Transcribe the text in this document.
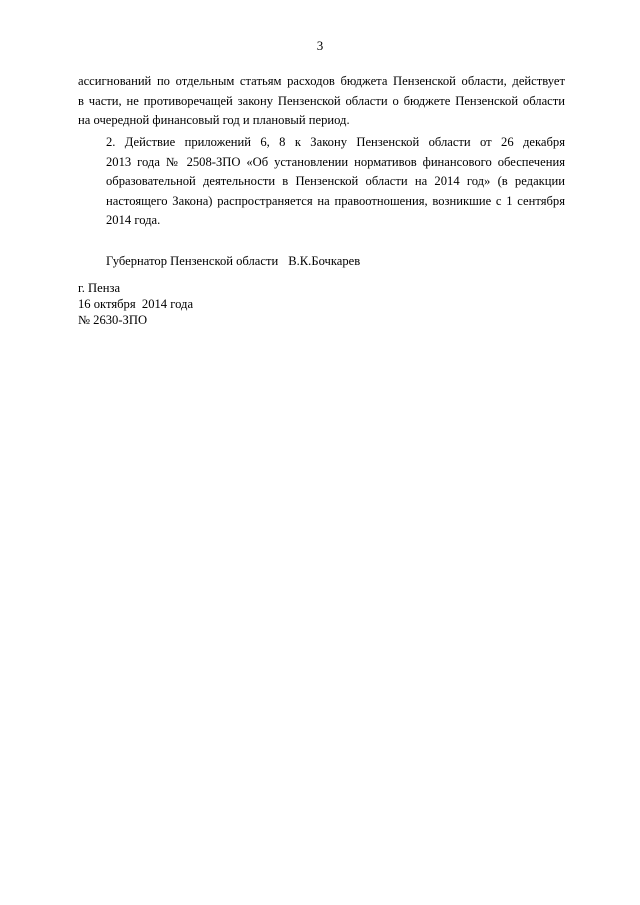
3
ассигнований по отдельным статьям расходов бюджета Пензенской области, действует
в части, не противоречащей закону Пензенской области о бюджете Пензенской области
на очередной финансовый год и плановый период.
2. Действие приложений 6, 8 к Закону Пензенской области от 26 декабря
2013 года № 2508-ЗПО «Об установлении нормативов финансового обеспечения
образовательной деятельности в Пензенской области на 2014 год» (в редакции
настоящего Закона) распространяется на правоотношения, возникшие с 1 сентября
2014 года.
Губернатор Пензенской области В.К.Бочкарев
г. Пенза
16 октября  2014 года
№ 2630-ЗПО
